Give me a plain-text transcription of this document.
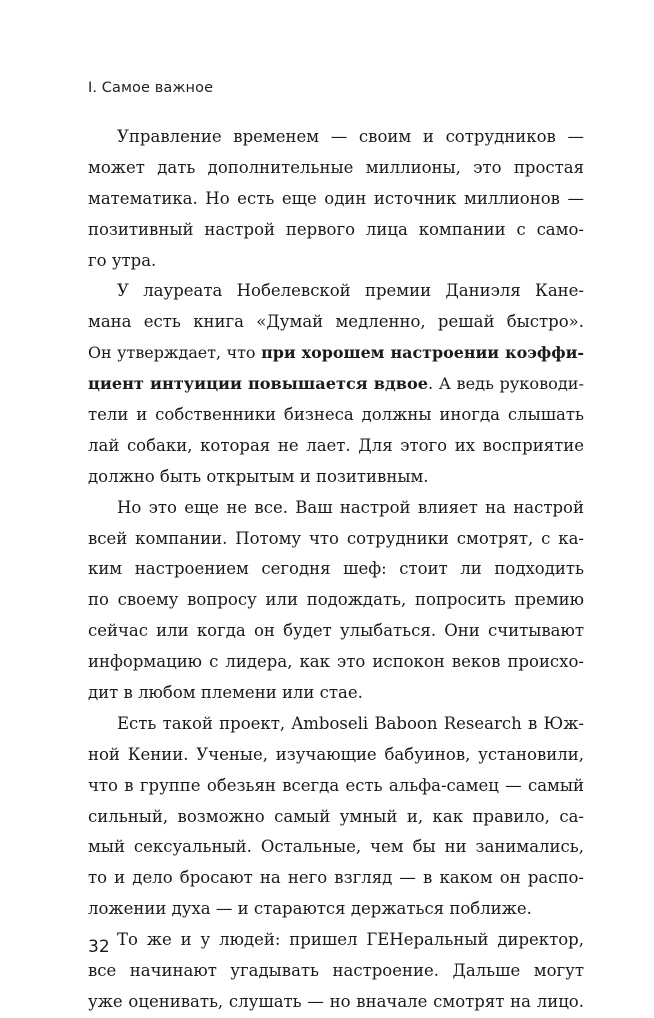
I. Самое важное
Управление временем — своим и сотрудников —
может дать дополнительные миллионы, это простая
математика. Но есть еще один источник миллионов —
позитивный настрой первого лица компании с само-
го утра.
У лауреата Нобелевской премии Даниэля Кане-
мана есть книга «Думай медленно, решай быстро».
Он утверждает, что при хорошем настроении коэффи-
циент интуиции повышается вдвое. А ведь руководи-
тели и собственники бизнеса должны иногда слышать
лай собаки, которая не лает. Для этого их восприятие
должно быть открытым и позитивным.
Но это еще не все. Ваш настрой влияет на настрой
всей компании. Потому что сотрудники смотрят, с ка-
ким настроением сегодня шеф: стоит ли подходить
по своему вопросу или подождать, попросить премию
сейчас или когда он будет улыбаться. Они считывают
информацию с лидера, как это испокон веков происхо-
дит в любом племени или стае.
Есть такой проект, Amboseli Baboon Research в Юж-
ной Кении. Ученые, изучающие бабуинов, установили,
что в группе обезьян всегда есть альфа-самец — самый
сильный, возможно самый умный и, как правило, са-
мый сексуальный. Остальные, чем бы ни занимались,
то и дело бросают на него взгляд — в каком он распо-
ложении духа — и стараются держаться поближе.
То же и у людей: пришел ГЕНеральный директор,
все начинают угадывать настроение. Дальше могут
уже оценивать, слушать — но вначале смотрят на лицо.
32
